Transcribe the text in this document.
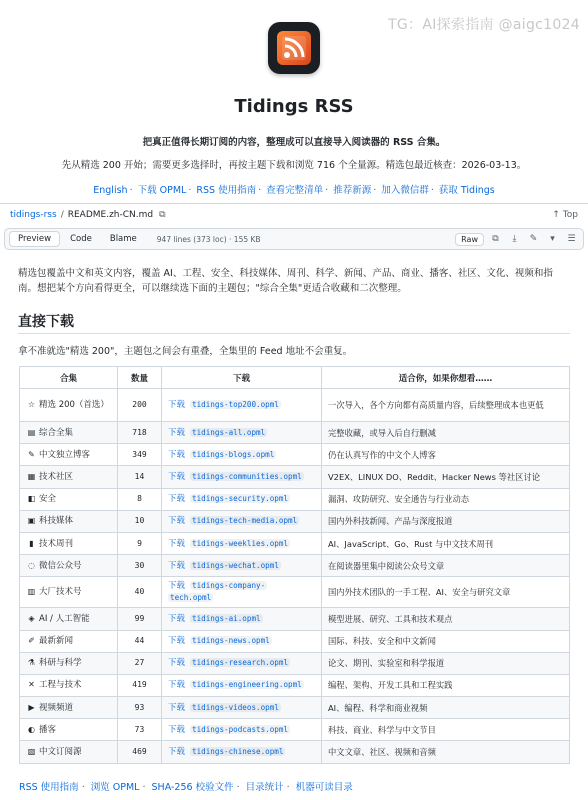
TG：AI探索指南 @aigc1024
Tidings RSS
把真正值得长期订阅的内容，整理成可以直接导入阅读器的 RSS 合集。
先从精选 200 开始；需要更多选择时，再按主题下载和浏览 716 个全量源。精选包最近核查：2026-03-13。
English · 下载 OPML · RSS 使用指南 · 查看完整清单 · 推荐新源 · 加入微信群 · 获取 Tidings
tidings-rss / README.zh-CN.md ⧉	↑ Top
Preview	Code	Blame	947 lines (373 loc) · 155 KB	Raw	⧉	⤓	✎	▾	☰
精选包覆盖中文和英文内容，覆盖 AI、工程、安全、科技媒体、周刊、科学、新闻、产品、商业、播客、社区、文化、视频和指南。想把某个方向看得更全，可以继续选下面的主题包；"综合全集"更适合收藏和二次整理。
直接下载
拿不准就选"精选 200"，主题包之间会有重叠，全集里的 Feed 地址不会重复。
合集	数量	下载	适合你，如果你想看……
☆ 精选 200（首选）	200	下载 tidings-top200.opml	一次导入，各个方向都有高质量内容，后续整理成本也更低
▤ 综合全集	718	下载 tidings-all.opml	完整收藏，或导入后自行删减
✎ 中文独立博客	349	下载 tidings-blogs.opml	仍在认真写作的中文个人博客
▦ 技术社区	14	下载 tidings-communities.opml	V2EX、LINUX DO、Reddit、Hacker News 等社区讨论
◧ 安全	8	下载 tidings-security.opml	漏洞、攻防研究、安全通告与行业动态
▣ 科技媒体	10	下载 tidings-tech-media.opml	国内外科技新闻、产品与深度报道
▮ 技术周刊	9	下载 tidings-weeklies.opml	AI、JavaScript、Go、Rust 与中文技术周刊
◌ 微信公众号	30	下载 tidings-wechat.opml	在阅读器里集中阅读公众号文章
▥ 大厂技术号	40	下载 tidings-company-
tech.opml	国内外技术团队的一手工程、AI、安全与研究文章
◈ AI / 人工智能	99	下载 tidings-ai.opml	模型进展、研究、工具和技术观点
✐ 最新新闻	44	下载 tidings-news.opml	国际、科技、安全和中文新闻
⚗ 科研与科学	27	下载 tidings-research.opml	论文、期刊、实验室和科学报道
✕ 工程与技术	419	下载 tidings-engineering.opml	编程、架构、开发工具和工程实践
▶ 视频频道	93	下载 tidings-videos.opml	AI、编程、科学和商业视频
◐ 播客	73	下载 tidings-podcasts.opml	科技、商业、科学与中文节目
▧ 中文订阅源	469	下载 tidings-chinese.opml	中文文章、社区、视频和音频
RSS 使用指南 · 浏览 OPML · SHA-256 校验文件 · 目录统计 · 机器可读目录
